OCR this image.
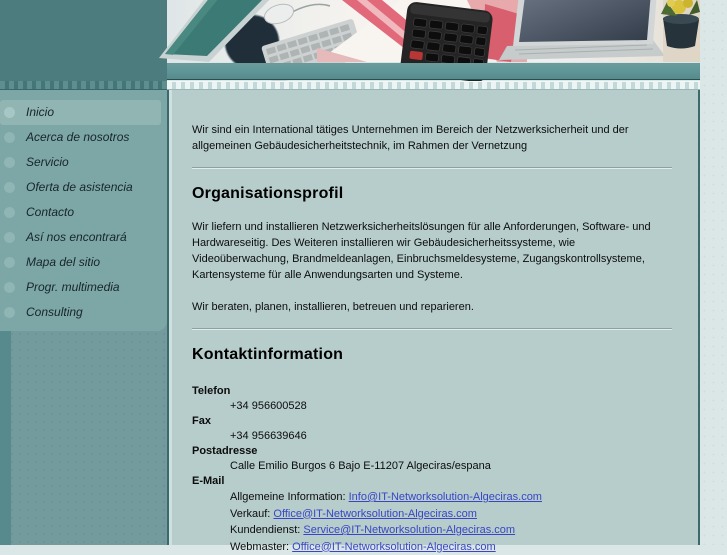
Inicio
Acerca de nosotros
Servicio
Oferta de asistencia
Contacto
Así nos encontrará
Mapa del sitio
Progr. multimedia
Consulting

Wir sind ein International tätiges Unternehmen im Bereich der Netzwerksicherheit und der allgemeinen Gebäudesicherheitstechnik, im Rahmen der Vernetzung

Organisationsprofil

Wir liefern und installieren Netzwerksicherheitslösungen für alle Anforderungen, Software- und Hardwareseitig. Des Weiteren installieren wir Gebäudesicherheitssysteme, wie Videoüberwachung, Brandmeldeanlagen, Einbruchsmeldesysteme, Zugangskontrollsysteme, Kartensysteme für alle Anwendungsarten und Systeme.

Wir beraten, planen, installieren, betreuen und reparieren.

Kontaktinformation
Telefon
+34 956600528
Fax
+34 956639646
Postadresse
Calle Emilio Burgos 6 Bajo E-11207 Algeciras/espana
E-Mail
Allgemeine Information: Info@IT-Networksolution-Algeciras.com
Verkauf: Office@IT-Networksolution-Algeciras.com
Kundendienst: Service@IT-Networksolution-Algeciras.com
Webmaster: Office@IT-Networksolution-Algeciras.com
